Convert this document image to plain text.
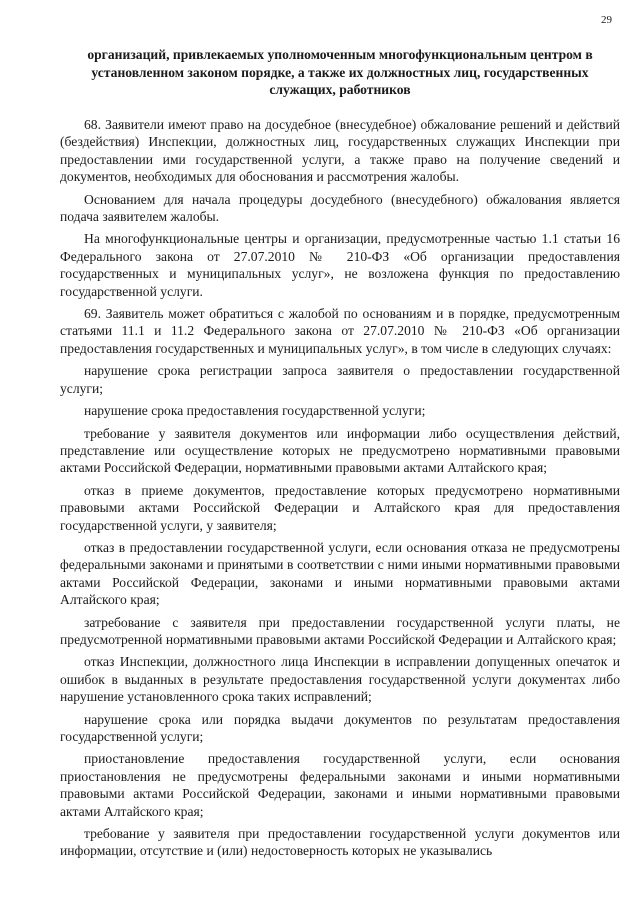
29
организаций, привлекаемых уполномоченным многофункциональным центром в установленном законом порядке, а также их должностных лиц, государственных служащих, работников

68. Заявители имеют право на досудебное (внесудебное) обжалование решений и действий (бездействия) Инспекции, должностных лиц, государственных служащих Инспекции при предоставлении ими государственной услуги, а также право на получение сведений и документов, необходимых для обоснования и рассмотрения жалобы.

Основанием для начала процедуры досудебного (внесудебного) обжалования является подача заявителем жалобы.

На многофункциональные центры и организации, предусмотренные частью 1.1 статьи 16 Федерального закона от 27.07.2010 № 210-ФЗ «Об организации предоставления государственных и муниципальных услуг», не возложена функция по предоставлению государственной услуги.

69. Заявитель может обратиться с жалобой по основаниям и в порядке, предусмотренным статьями 11.1 и 11.2 Федерального закона от 27.07.2010 № 210-ФЗ «Об организации предоставления государственных и муниципальных услуг», в том числе в следующих случаях:

нарушение срока регистрации запроса заявителя о предоставлении государственной услуги;

нарушение срока предоставления государственной услуги;

требование у заявителя документов или информации либо осуществления действий, представление или осуществление которых не предусмотрено нормативными правовыми актами Российской Федерации, нормативными правовыми актами Алтайского края;

отказ в приеме документов, предоставление которых предусмотрено нормативными правовыми актами Российской Федерации и Алтайского края для предоставления государственной услуги, у заявителя;

отказ в предоставлении государственной услуги, если основания отказа не предусмотрены федеральными законами и принятыми в соответствии с ними иными нормативными правовыми актами Российской Федерации, законами и иными нормативными правовыми актами Алтайского края;

затребование с заявителя при предоставлении государственной услуги платы, не предусмотренной нормативными правовыми актами Российской Федерации и Алтайского края;

отказ Инспекции, должностного лица Инспекции в исправлении допущенных опечаток и ошибок в выданных в результате предоставления государственной услуги документах либо нарушение установленного срока таких исправлений;

нарушение срока или порядка выдачи документов по результатам предоставления государственной услуги;

приостановление предоставления государственной услуги, если основания приостановления не предусмотрены федеральными законами и иными нормативными правовыми актами Российской Федерации, законами и иными нормативными правовыми актами Алтайского края;

требование у заявителя при предоставлении государственной услуги документов или информации, отсутствие и (или) недостоверность которых не указывались
